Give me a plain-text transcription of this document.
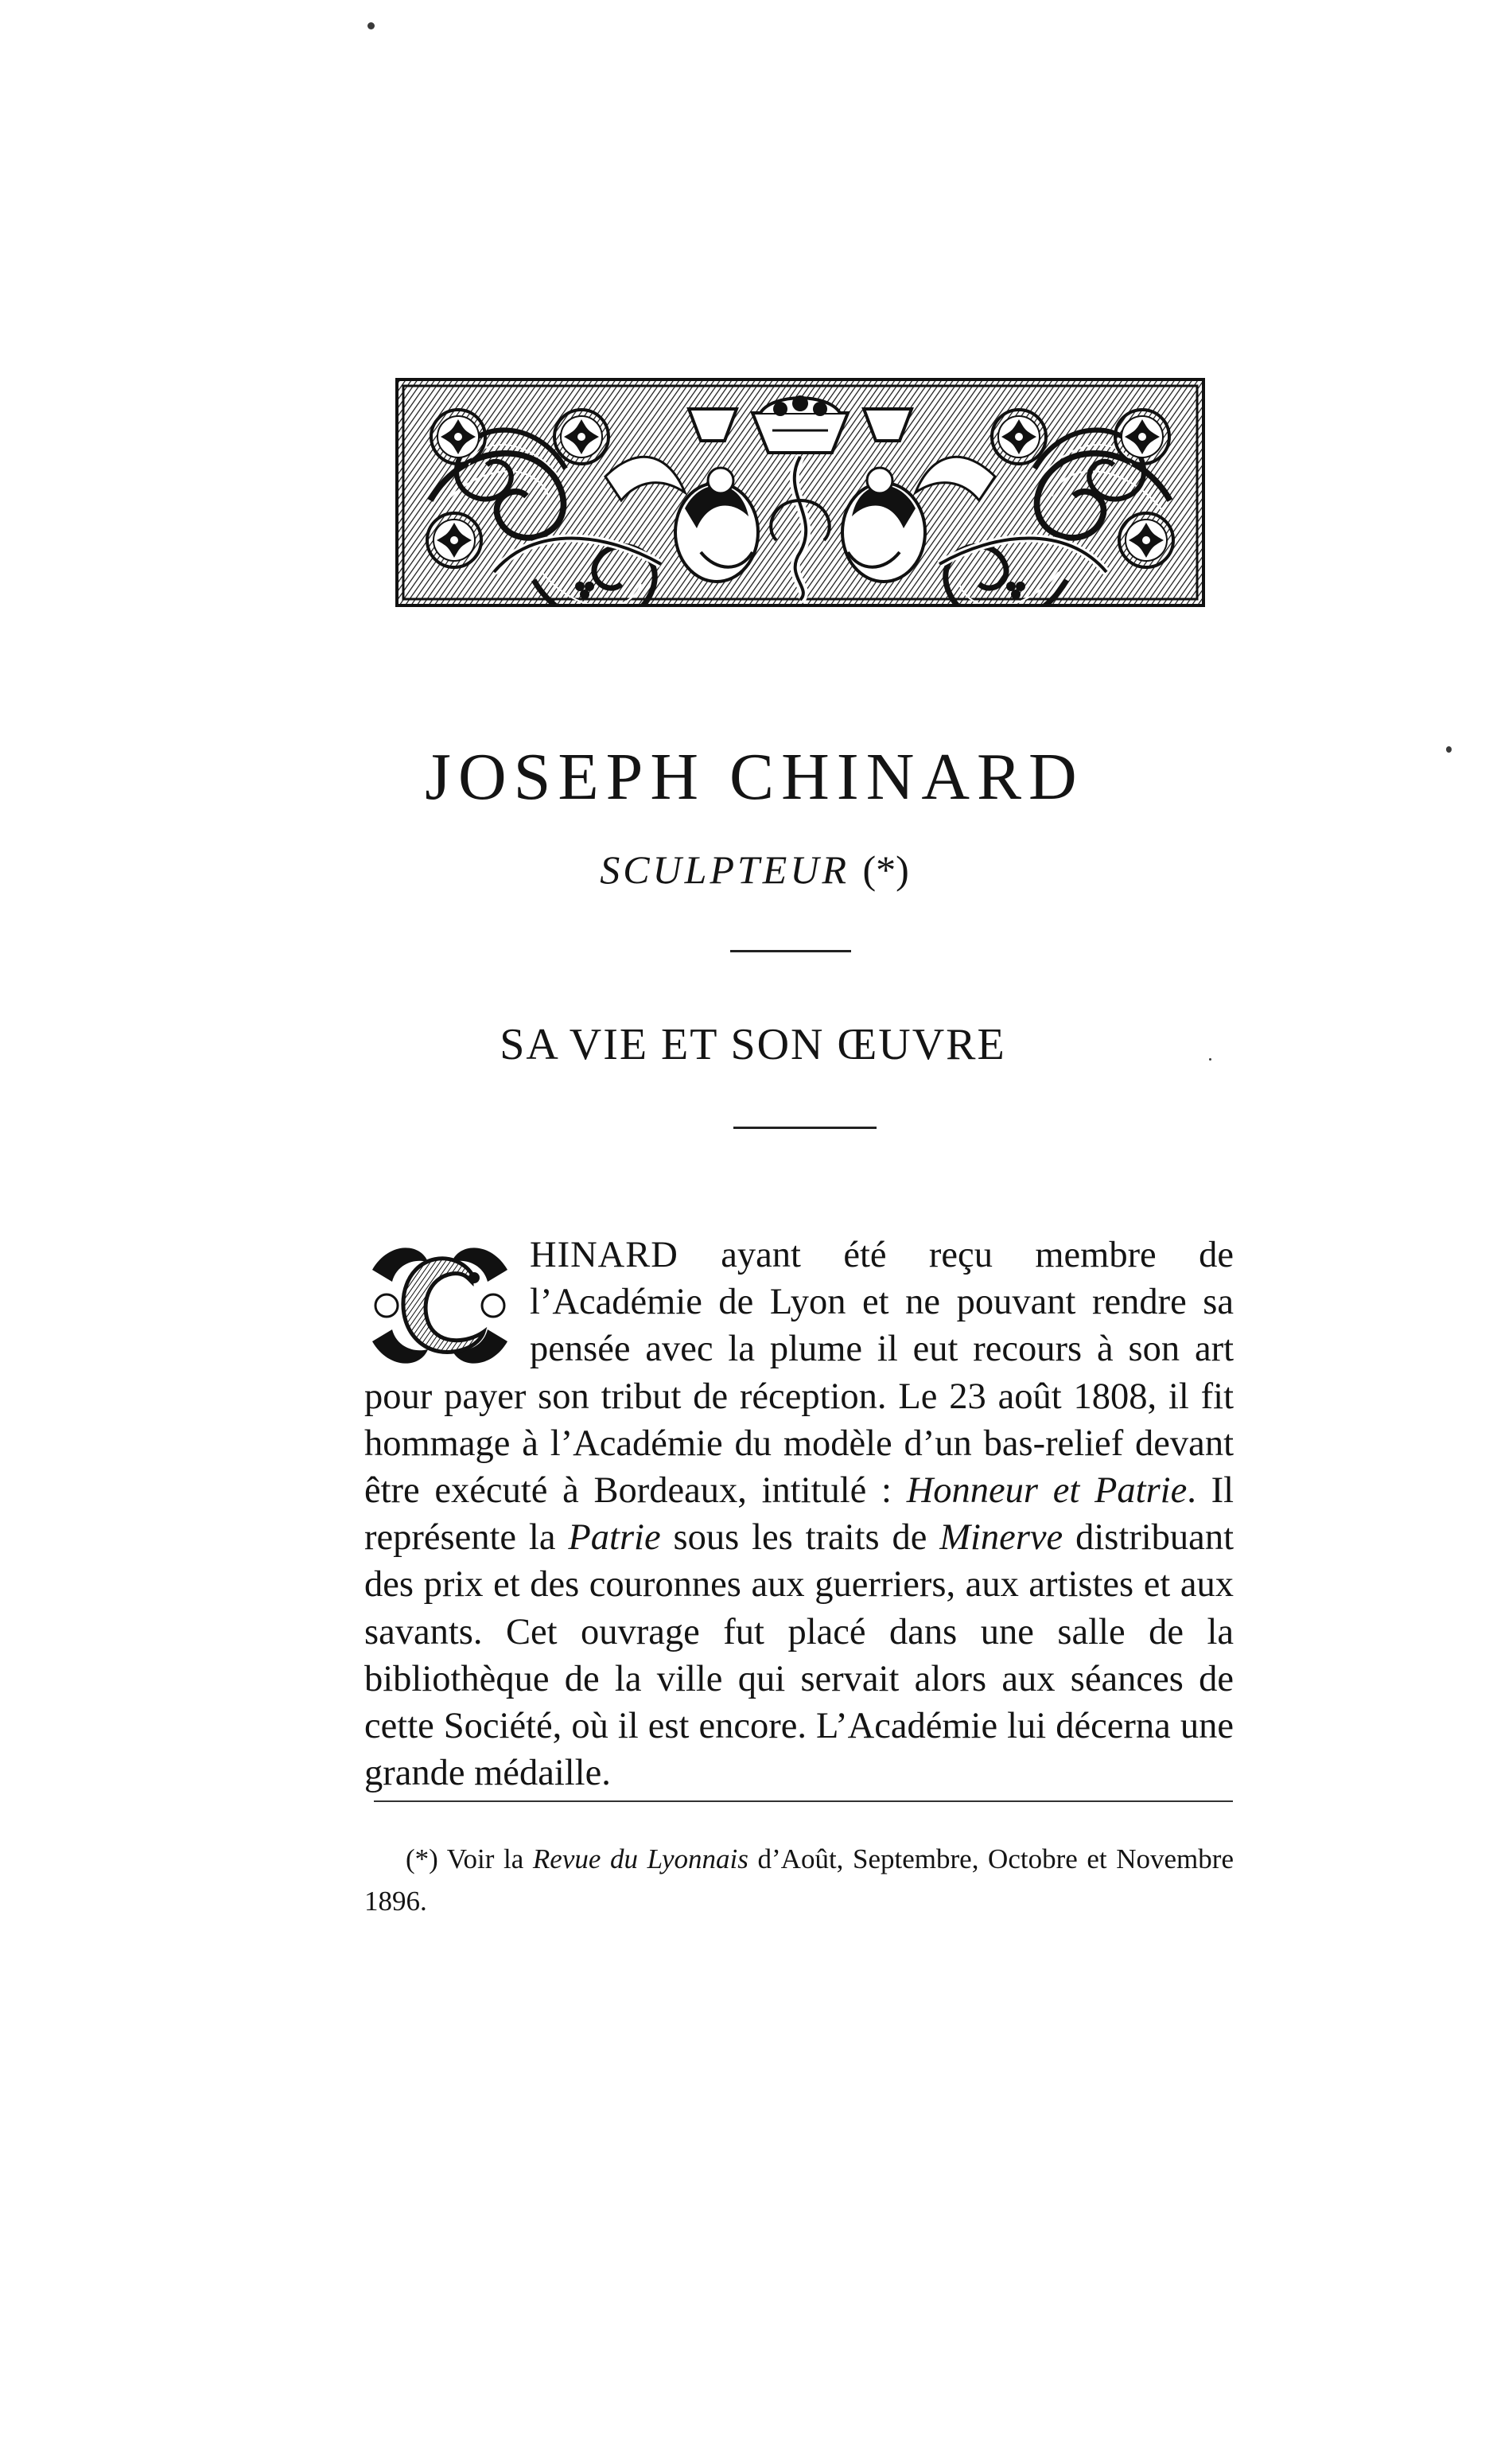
JOSEPH CHINARD
SCULPTEUR (*)
SA VIE ET SON ŒUVRE

HINARD ayant été reçu membre de l’Académie de Lyon et ne pouvant rendre sa pensée avec la plume il eut recours à son art pour payer son tribut de réception. Le 23 août 1808, il fit hommage à l’Académie du modèle d’un bas-relief devant être exécuté à Bordeaux, intitulé : Honneur et Patrie. Il représente la Patrie sous les traits de Minerve distribuant des prix et des couronnes aux guerriers, aux artistes et aux savants. Cet ouvrage fut placé dans une salle de la bibliothèque de la ville qui servait alors aux séances de cette Société, où il est encore. L’Académie lui décerna une grande médaille.

(*) Voir la Revue du Lyonnais d’Août, Septembre, Octobre et Novembre 1896.
